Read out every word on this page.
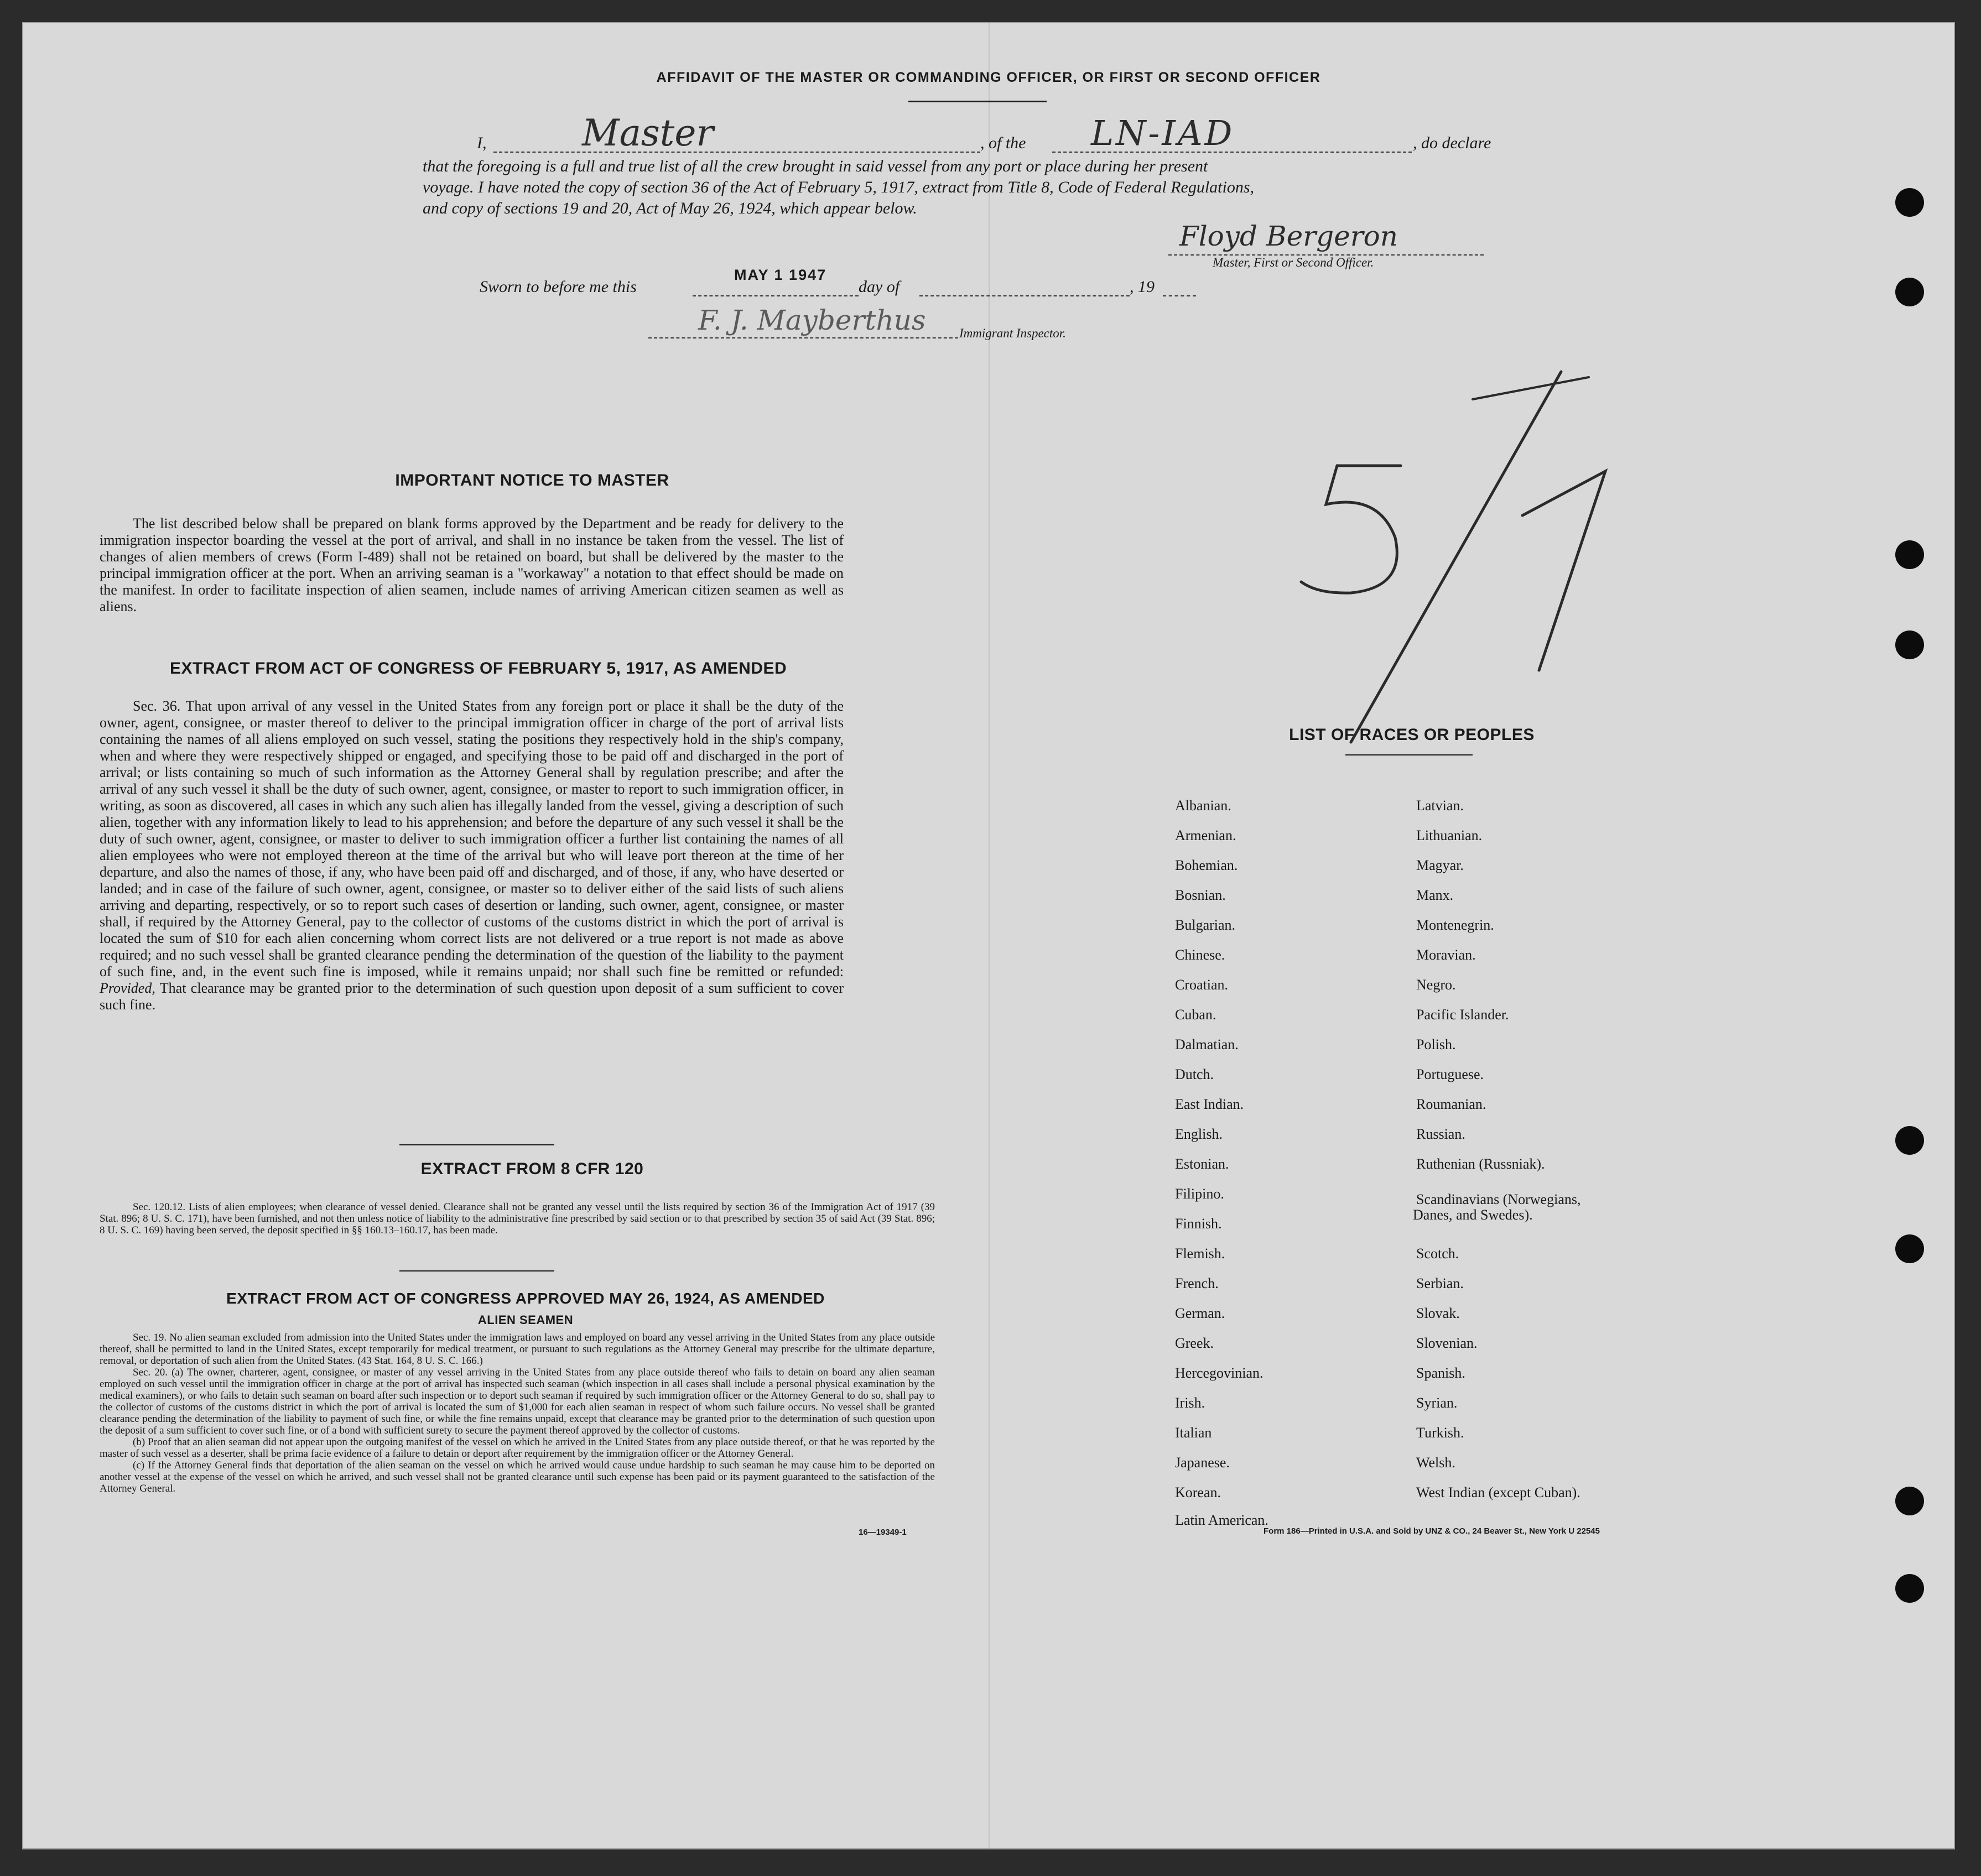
AFFIDAVIT OF THE MASTER OR COMMANDING OFFICER, OR FIRST OR SECOND OFFICER
I,	Master	, of the LN-IAD	, do declare
that the foregoing is a full and true list of all the crew brought in said vessel from any port or place during her present
voyage. I have noted the copy of section 36 of the Act of February 5, 1917, extract from Title 8, Code of Federal Regulations,
and copy of sections 19 and 20, Act of May 26, 1924, which appear below.
Floyd Bergeron
Master, First or Second Officer.
Sworn to before me this
MAY 1 1947
day of	, 19
F. J. Mayberthus	Immigrant Inspector.
IMPORTANT NOTICE TO MASTER
The list described below shall be prepared on blank forms approved by the Department and be ready for delivery to the immigration inspector boarding the vessel at the port of arrival, and shall in no instance be taken from the vessel. The list of changes of alien members of crews (Form I-489) shall not be retained on board, but shall be delivered by the master to the principal immigration officer at the port. When an arriving seaman is a "workaway" a notation to that effect should be made on the manifest. In order to facilitate inspection of alien seamen, include names of arriving American citizen seamen as well as aliens.
EXTRACT FROM ACT OF CONGRESS OF FEBRUARY 5, 1917, AS AMENDED
Sec. 36. That upon arrival of any vessel in the United States from any foreign port or place it shall be the duty of the owner, agent, consignee, or master thereof to deliver to the principal immigration officer in charge of the port of arrival lists containing the names of all aliens employed on such vessel, stating the positions they respectively hold in the ship's company, when and where they were respectively shipped or engaged, and specifying those to be paid off and discharged in the port of arrival; or lists containing so much of such information as the Attorney General shall by regulation prescribe; and after the arrival of any such vessel it shall be the duty of such owner, agent, consignee, or master to report to such immigration officer, in writing, as soon as discovered, all cases in which any such alien has illegally landed from the vessel, giving a description of such alien, together with any information likely to lead to his apprehension; and before the departure of any such vessel it shall be the duty of such owner, agent, consignee, or master to deliver to such immigration officer a further list containing the names of all alien employees who were not employed thereon at the time of the arrival but who will leave port thereon at the time of her departure, and also the names of those, if any, who have been paid off and discharged, and of those, if any, who have deserted or landed; and in case of the failure of such owner, agent, consignee, or master so to deliver either of the said lists of such aliens arriving and departing, respectively, or so to report such cases of desertion or landing, such owner, agent, consignee, or master shall, if required by the Attorney General, pay to the collector of customs of the customs district in which the port of arrival is located the sum of $10 for each alien concerning whom correct lists are not delivered or a true report is not made as above required; and no such vessel shall be granted clearance pending the determination of the question of the liability to the payment of such fine, and, in the event such fine is imposed, while it remains unpaid; nor shall such fine be remitted or refunded: Provided, That clearance may be granted prior to the determination of such question upon deposit of a sum sufficient to cover such fine.
EXTRACT FROM 8 CFR 120
Sec. 120.12. Lists of alien employees; when clearance of vessel denied. Clearance shall not be granted any vessel until the lists required by section 36 of the Immigration Act of 1917 (39 Stat. 896; 8 U. S. C. 171), have been furnished, and not then unless notice of liability to the administrative fine prescribed by said section or to that prescribed by section 35 of said Act (39 Stat. 896; 8 U. S. C. 169) having been served, the deposit specified in §§ 160.13–160.17, has been made.
EXTRACT FROM ACT OF CONGRESS APPROVED MAY 26, 1924, AS AMENDED
ALIEN SEAMEN
Sec. 19. No alien seaman excluded from admission into the United States under the immigration laws and employed on board any vessel arriving in the United States from any place outside thereof, shall be permitted to land in the United States, except temporarily for medical treatment, or pursuant to such regulations as the Attorney General may prescribe for the ultimate departure, removal, or deportation of such alien from the United States. (43 Stat. 164, 8 U. S. C. 166.)
Sec. 20. (a) The owner, charterer, agent, consignee, or master of any vessel arriving in the United States from any place outside thereof who fails to detain on board any alien seaman employed on such vessel until the immigration officer in charge at the port of arrival has inspected such seaman (which inspection in all cases shall include a personal physical examination by the medical examiners), or who fails to detain such seaman on board after such inspection or to deport such seaman if required by such immigration officer or the Attorney General to do so, shall pay to the collector of customs of the customs district in which the port of arrival is located the sum of $1,000 for each alien seaman in respect of whom such failure occurs. No vessel shall be granted clearance pending the determination of the liability to payment of such fine, or while the fine remains unpaid, except that clearance may be granted prior to the determination of such question upon the deposit of a sum sufficient to cover such fine, or of a bond with sufficient surety to secure the payment thereof approved by the collector of customs.
(b) Proof that an alien seaman did not appear upon the outgoing manifest of the vessel on which he arrived in the United States from any place outside thereof, or that he was reported by the master of such vessel as a deserter, shall be prima facie evidence of a failure to detain or deport after requirement by the immigration officer or the Attorney General.
(c) If the Attorney General finds that deportation of the alien seaman on the vessel on which he arrived would cause undue hardship to such seaman he may cause him to be deported on another vessel at the expense of the vessel on which he arrived, and such vessel shall not be granted clearance until such expense has been paid or its payment guaranteed to the satisfaction of the Attorney General.
16—19349-1
LIST OF RACES OR PEOPLES
Form 186—Printed in U.S.A. and Sold by UNZ & CO., 24 Beaver St., New York U 22545
Albanian.
Armenian.
Bohemian.
Bosnian.
Bulgarian.
Chinese.
Croatian.
Cuban.
Dalmatian.
Dutch.
East Indian.
English.
Estonian.
Filipino.
Finnish.
Flemish.
French.
German.
Greek.
Hercegovinian.
Irish.
Italian
Japanese.
Korean.
Latin American.
Latvian.
Lithuanian.
Magyar.
Manx.
Montenegrin.
Moravian.
Negro.
Pacific Islander.
Polish.
Portuguese.
Roumanian.
Russian.
Ruthenian (Russniak).
Scandinavians (Norwegians,
Danes, and Swedes).
Scotch.
Serbian.
Slovak.
Slovenian.
Spanish.
Syrian.
Turkish.
Welsh.
West Indian (except Cuban).
